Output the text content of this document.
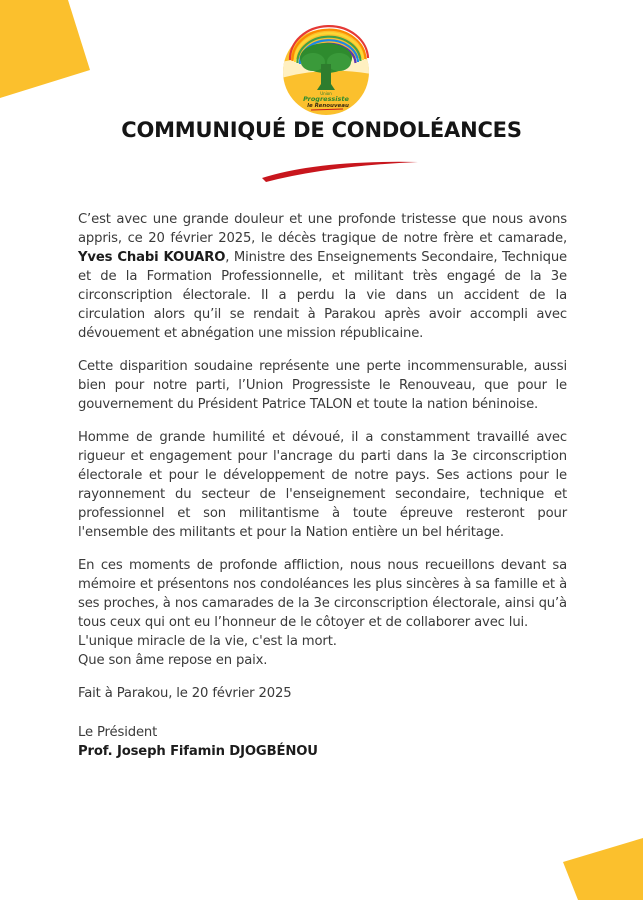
Union
Progressiste
le Renouveau
COMMUNIQUÉ DE CONDOLÉANCES

C’est avec une grande douleur et une profonde tristesse que nous avons appris, ce 20 février 2025, le décès tragique de notre frère et camarade, Yves Chabi KOUARO, Ministre des Enseignements Secondaire, Technique et de la Formation Professionnelle, et militant très engagé de la 3e circonscription électorale. Il a perdu la vie dans un accident de la circulation alors qu’il se rendait à Parakou après avoir accompli avec dévouement et abnégation une mission républicaine.

Cette disparition soudaine représente une perte incommensurable, aussi bien pour notre parti, l’Union Progressiste le Renouveau, que pour le gouvernement du Président Patrice TALON et toute la nation béninoise.

Homme de grande humilité et dévoué, il a constamment travaillé avec rigueur et engagement pour l'ancrage du parti dans la 3e circonscription électorale et pour le développement de notre pays. Ses actions pour le rayonnement du secteur de l'enseignement secondaire, technique et professionnel et son militantisme à toute épreuve resteront pour l'ensemble des militants et pour la Nation entière un bel héritage.

En ces moments de profonde affliction, nous nous recueillons devant sa mémoire et présentons nos condoléances les plus sincères à sa famille et à ses proches, à nos camarades de la 3e circonscription électorale, ainsi qu’à tous ceux qui ont eu l’honneur de le côtoyer et de collaborer avec lui.
L'unique miracle de la vie, c'est la mort.
Que son âme repose en paix.

Fait à Parakou, le 20 février 2025

Le Président
Prof. Joseph Fifamin DJOGBÉNOU
